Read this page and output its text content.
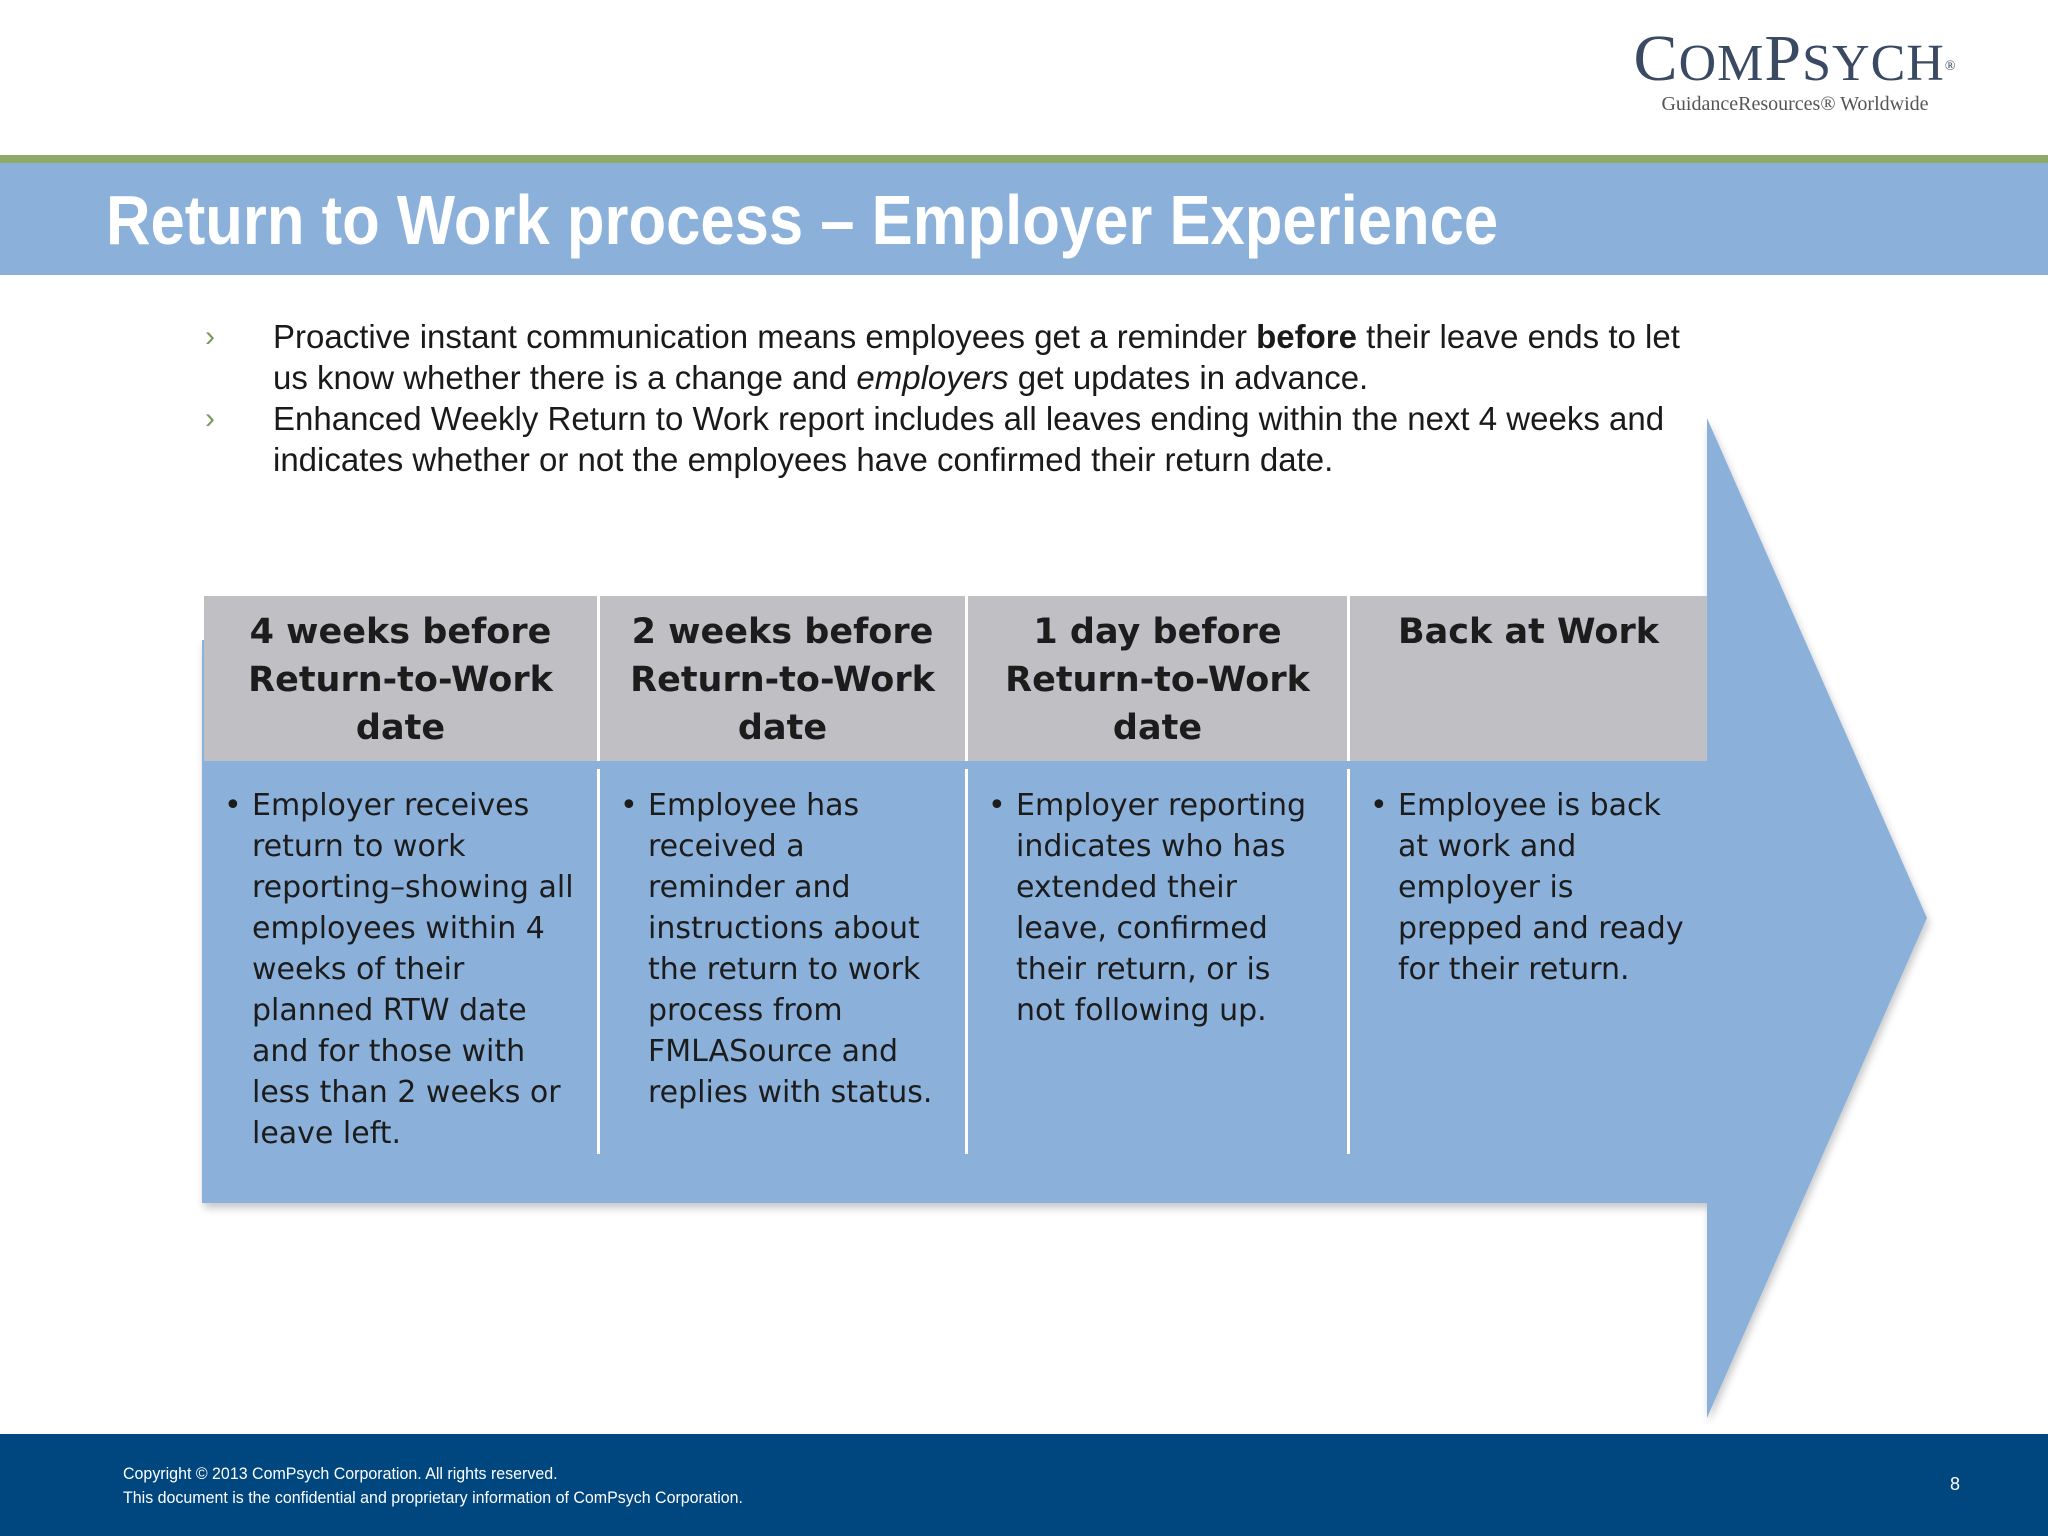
COMPSYCH®
GuidanceResources® Worldwide
Return to Work process – Employer Experience
› Proactive instant communication means employees get a reminder before their leave ends to let us know whether there is a change and employers get updates in advance.
› Enhanced Weekly Return to Work report includes all leaves ending within the next 4 weeks and indicates whether or not the employees have confirmed their return date.
4 weeks before Return-to-Work date
2 weeks before Return-to-Work date
1 day before Return-to-Work date
Back at Work
• Employer receives return to work reporting–showing all employees within 4 weeks of their planned RTW date and for those with less than 2 weeks or leave left.
• Employee has received a reminder and instructions about the return to work process from FMLASource and replies with status.
• Employer reporting indicates who has extended their leave, confirmed their return, or is not following up.
• Employee is back at work and employer is prepped and ready for their return.
Copyright © 2013 ComPsych Corporation. All rights reserved.
This document is the confidential and proprietary information of ComPsych Corporation.
8
